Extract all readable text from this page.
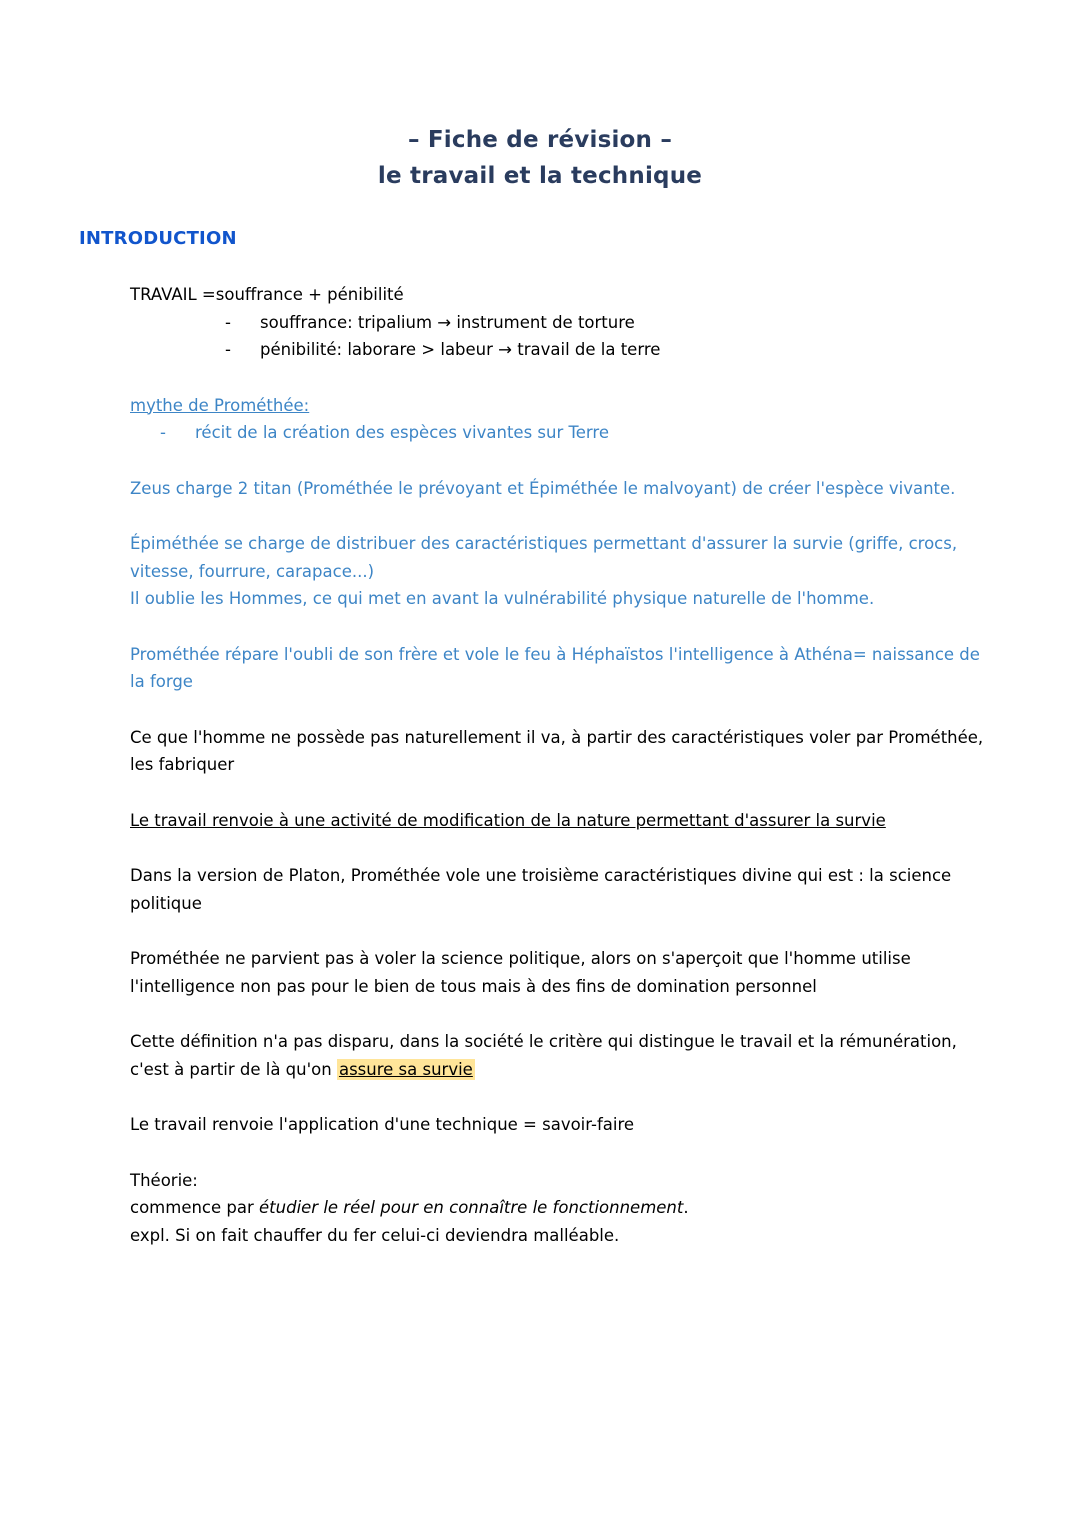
– Fiche de révision –
le travail et la technique
INTRODUCTION
TRAVAIL =souffrance + pénibilité
-	souffrance: tripalium → instrument de torture
-	pénibilité: laborare > labeur → travail de la terre
mythe de Prométhée:
-	récit de la création des espèces vivantes sur Terre
Zeus charge 2 titan (Prométhée le prévoyant et Épiméthée le malvoyant) de créer l'espèce vivante.
Épiméthée se charge de distribuer des caractéristiques permettant d'assurer la survie (griffe, crocs, vitesse, fourrure, carapace...)
Il oublie les Hommes, ce qui met en avant la vulnérabilité physique naturelle de l'homme.
Prométhée répare l'oubli de son frère et vole le feu à Héphaïstos l'intelligence à Athéna= naissance de la forge
Ce que l'homme ne possède pas naturellement il va, à partir des caractéristiques voler par Prométhée, les fabriquer
Le travail renvoie à une activité de modification de la nature permettant d'assurer la survie
Dans la version de Platon, Prométhée vole une troisième caractéristiques divine qui est : la science politique
Prométhée ne parvient pas à voler la science politique, alors on s'aperçoit que l'homme utilise l'intelligence non pas pour le bien de tous mais à des fins de domination personnel
Cette définition n'a pas disparu, dans la société le critère qui distingue le travail et la rémunération, c'est à partir de là qu'on assure sa survie
Le travail renvoie l'application d'une technique = savoir-faire
Théorie:
commence par étudier le réel pour en connaître le fonctionnement.
expl. Si on fait chauffer du fer celui-ci deviendra malléable.
